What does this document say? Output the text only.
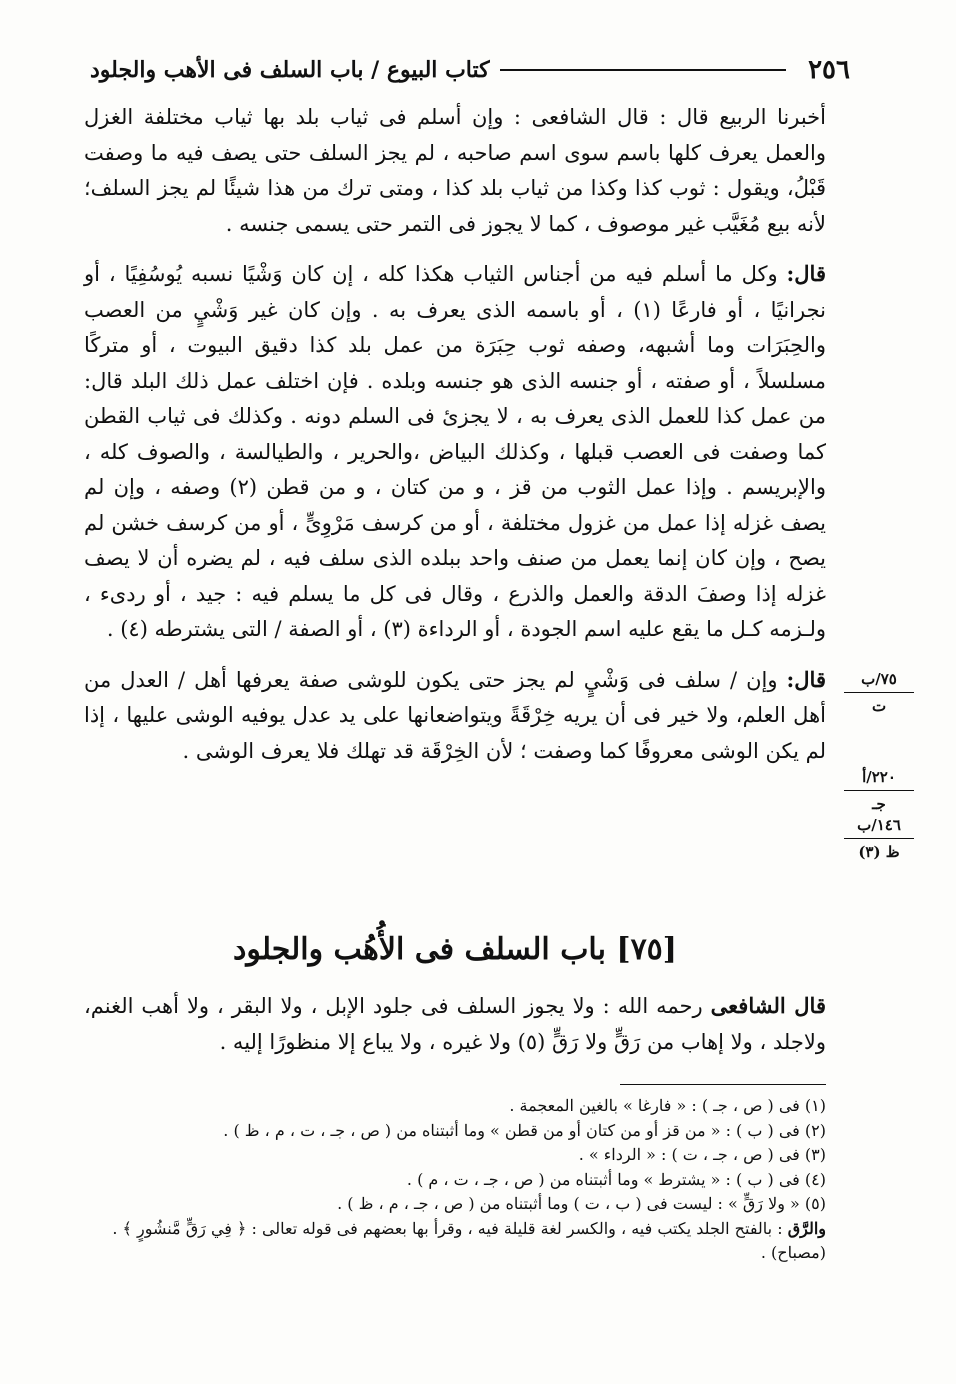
٢٥٦
كتاب البيوع / باب السلف فى الأهب والجلود

أخبرنا الربيع قال : قال الشافعى : وإن أسلم فى ثياب بلد بها ثياب مختلفة الغزل والعمل يعرف كلها باسم سوى اسم صاحبه ، لم يجز السلف حتى يصف فيه ما وصفت قَبْلُ، ويقول : ثوب كذا وكذا من ثياب بلد كذا ، ومتى ترك من هذا شيئًا لم يجز السلف؛ لأنه بيع مُغَيَّب غير موصوف ، كما لا يجوز فى التمر حتى يسمى جنسه .

قال: وكل ما أسلم فيه من أجناس الثياب هكذا كله ، إن كان وَشْيًا نسبه يُوسُفِيًا ، أو نجرانيًا ، أو فارعًا (١) ، أو باسمه الذى يعرف به . وإن كان غير وَشْيٍ من العصب والحِبَرَات وما أشبهه، وصفه ثوب حِبَرَة من عمل بلد كذا دقيق البيوت ، أو متركًا مسلسلاً ، أو صفته ، أو جنسه الذى هو جنسه وبلده . فإن اختلف عمل ذلك البلد قال: من عمل كذا للعمل الذى يعرف به ، لا يجزئ فى السلم دونه . وكذلك فى ثياب القطن كما وصفت فى العصب قبلها ، وكذلك البياض ،والحرير ، والطيالسة ، والصوف كله ، والإبريسم . وإذا عمل الثوب من قز ، و من كتان ، و من قطن (٢) وصفه ، وإن لم يصف غزله إذا عمل من غزول مختلفة ، أو من كرسف مَرْوِىٍّ ، أو من كرسف خشن لم يصح ، وإن كان إنما يعمل من صنف واحد ببلده الذى سلف فيه ، لم يضره أن لا يصف غزله إذا وصفَ الدقة والعمل والذرع ، وقال فى كل ما يسلم فيه : جيد ، أو ردىء ، ولـزمه كـل ما يقع عليه اسم الجودة ، أو الرداءة (٣) ، أو الصفة / التى يشترطه (٤) .

قال: وإن / سلف فى وَشْيٍ لم يجز حتى يكون للوشى صفة يعرفها أهل / العدل من أهل العلم، ولا خير فى أن يريه خِرْقَةً ويتواضعانها على يد عدل يوفيه الوشى عليها ، إذا لم يكن الوشى معروفًا كما وصفت ؛ لأن الخِرْقَة قد تهلك فلا يعرف الوشى .

٧٥/ب
ت
٢٢٠/أ
جـ
١٤٦/ب
ظ (٣)
[٧٥] باب السلف فى الأُهُب والجلود
قال الشافعى رحمه الله : ولا يجوز السلف فى جلود الإبل ، ولا البقر ، ولا أهب الغنم، ولاجلد ، ولا إهاب من رَقٍّ ولا رَقٍّ (٥) ولا غيره ، ولا يباع إلا منظورًا إليه .
(١) فى ( ص ، جـ ) : « فارغا » بالغين المعجمة .
(٢) فى ( ب ) : « من قز أو من كتان أو من قطن » وما أثبتناه من ( ص ، جـ ، ت ، م ، ظ ) .
(٣) فى ( ص ، جـ ، ت ) : « الرداء » .
(٤) فى ( ب ) : « يشترط » وما أثبتناه من ( ص ، جـ ، ت ، م ) .
(٥) « ولا رَقٍّ » : ليست فى ( ب ، ت ) وما أثبتناه من ( ص ، جـ ، م ، ظ ) .
والرَّق : بالفتح الجلد يكتب فيه ، والكسر لغة قليلة فيه ، وقرأ بها بعضهم فى قوله تعالى : ﴿ فِي رَقٍّ مَّنشُورٍ ﴾ . (مصباح) .
